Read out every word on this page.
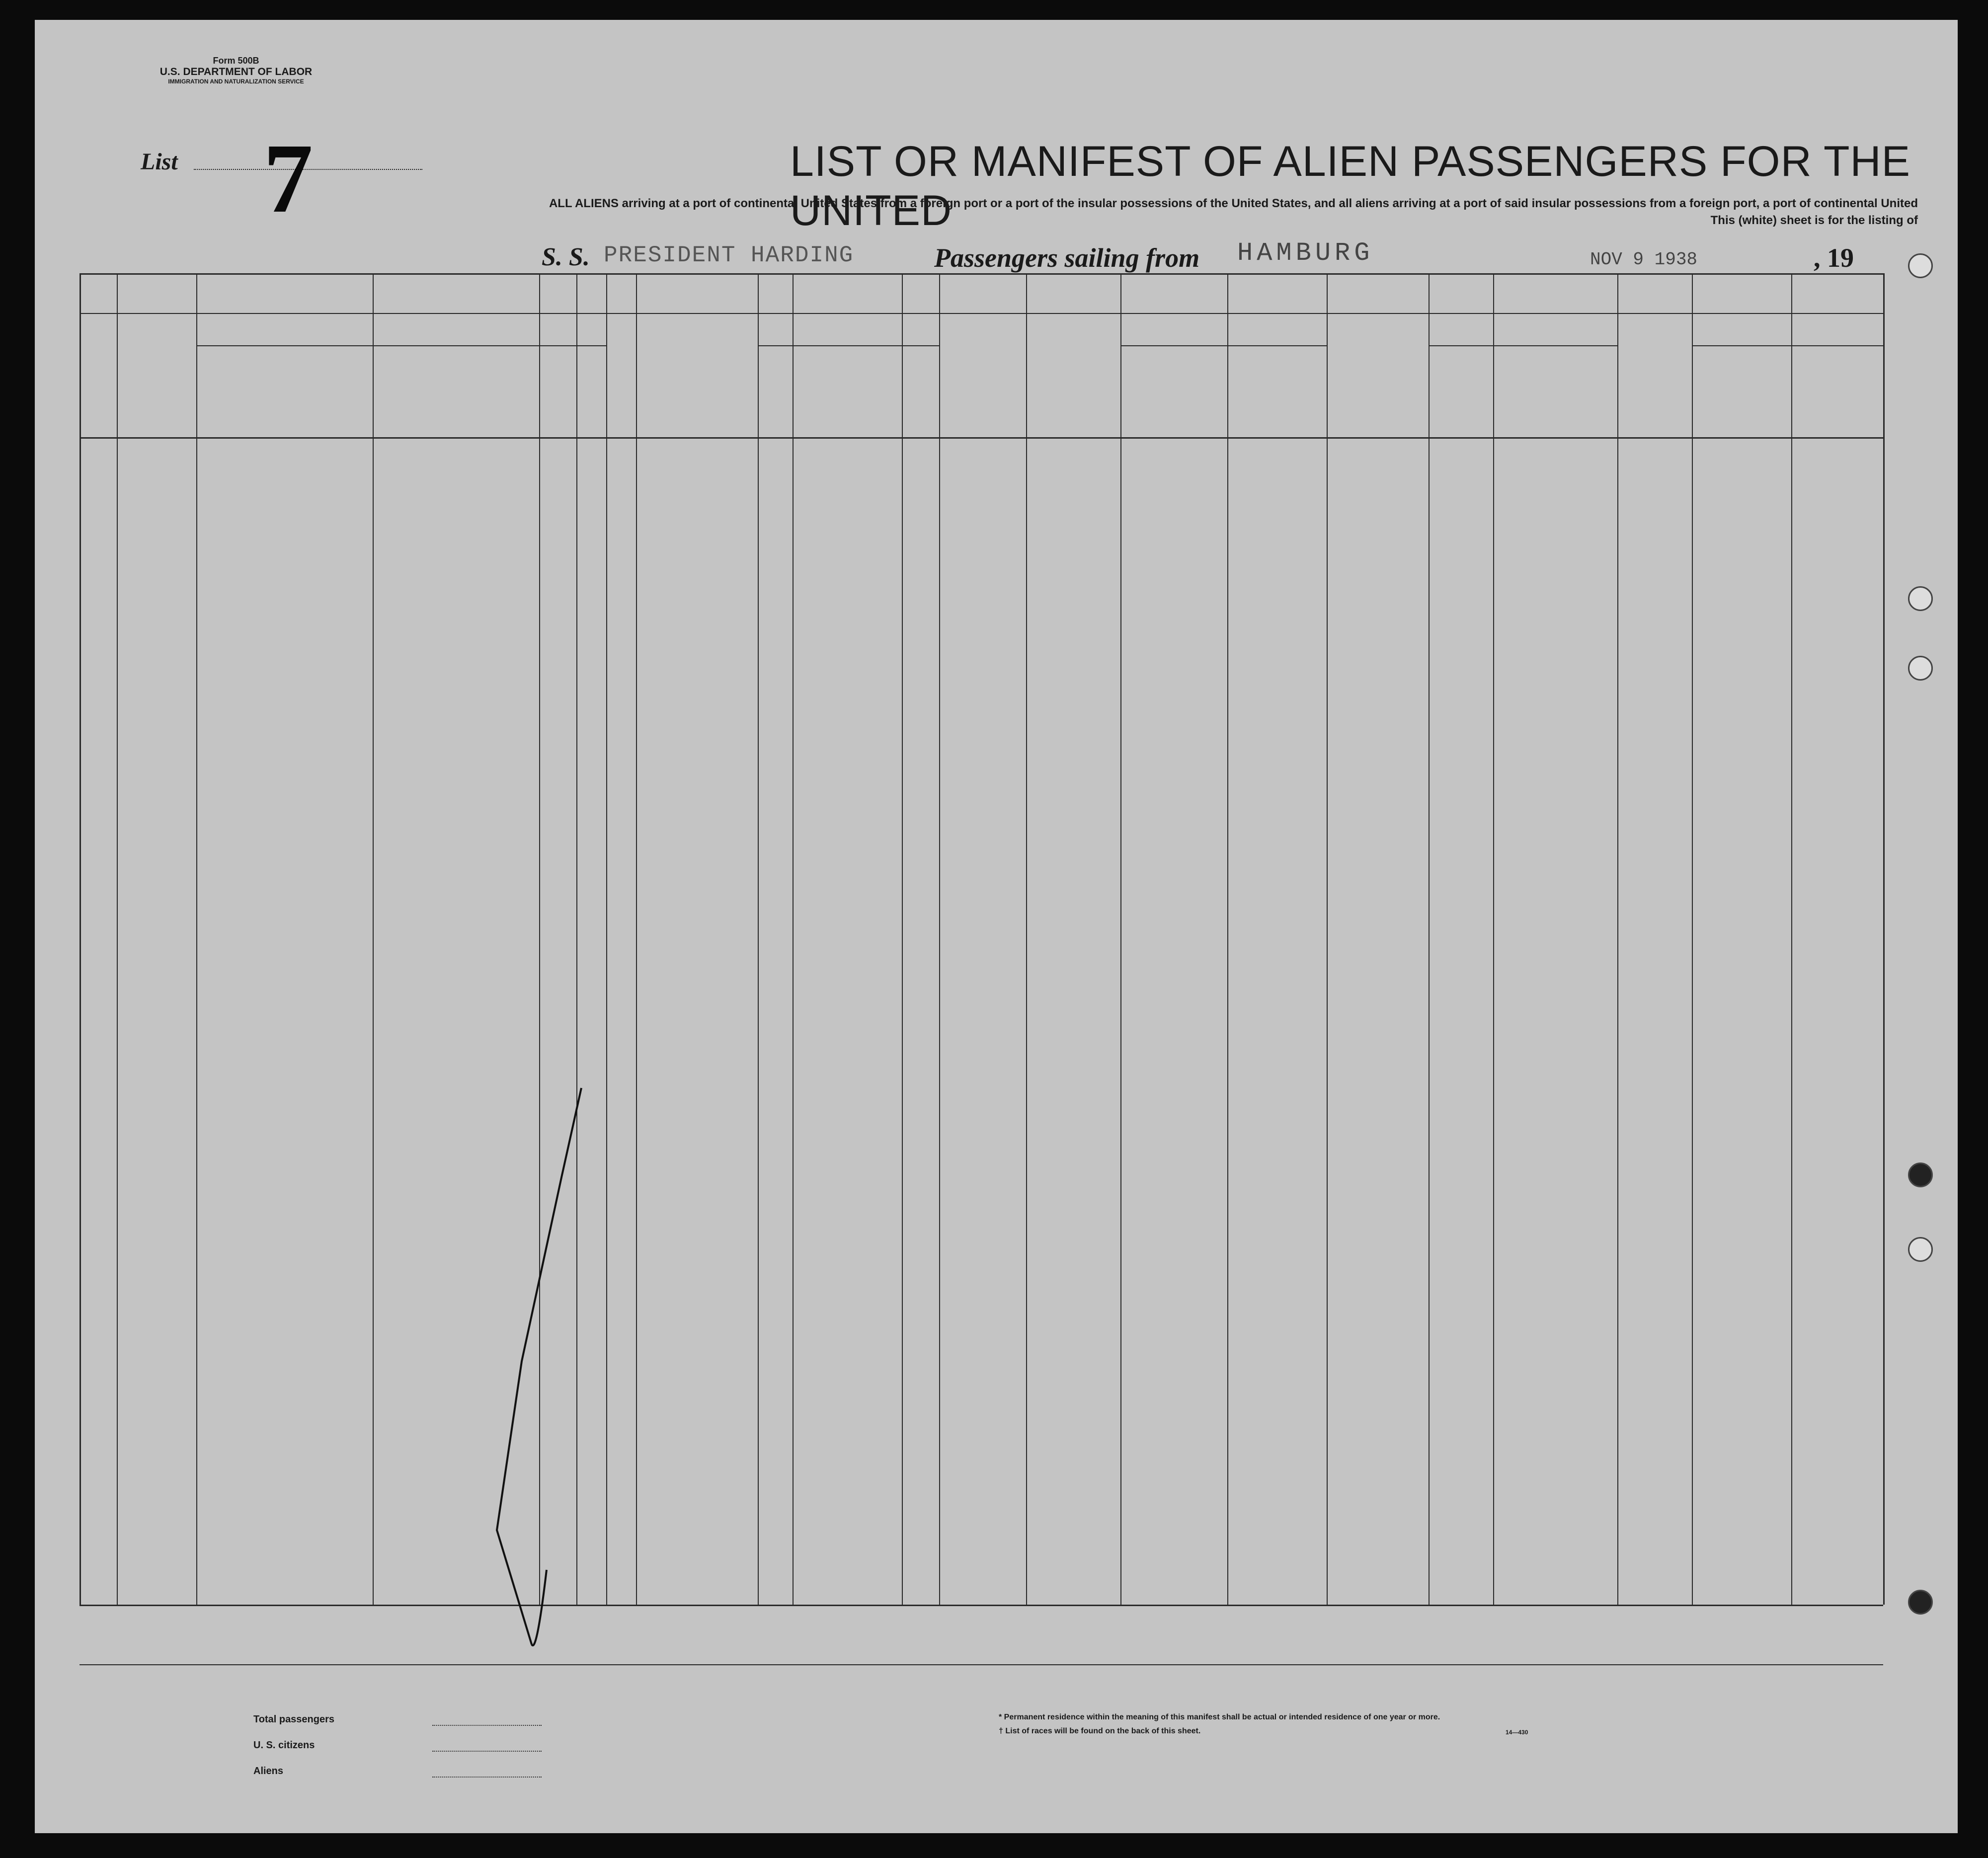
Form 500B
U.S. DEPARTMENT OF LABOR
IMMIGRATION AND NATURALIZATION SERVICE
List 7	LIST OR MANIFEST OF ALIEN PASSENGERS FOR THE UNITED
ALL ALIENS arriving at a port of continental United States from a foreign port or a port of the insular possessions of the United States, and all aliens arriving at a port of said insular possessions from a foreign port, a port of continental United
This (white) sheet is for the listing of
S. S. PRESIDENT HARDING	Passengers sailing from HAMBURG	NOV 9 1938	, 19
Total passengers
U. S. citizens
Aliens
* Permanent residence within the meaning of this manifest shall be actual or intended residence of one year or more.
† List of races will be found on the back of this sheet.	14—430
